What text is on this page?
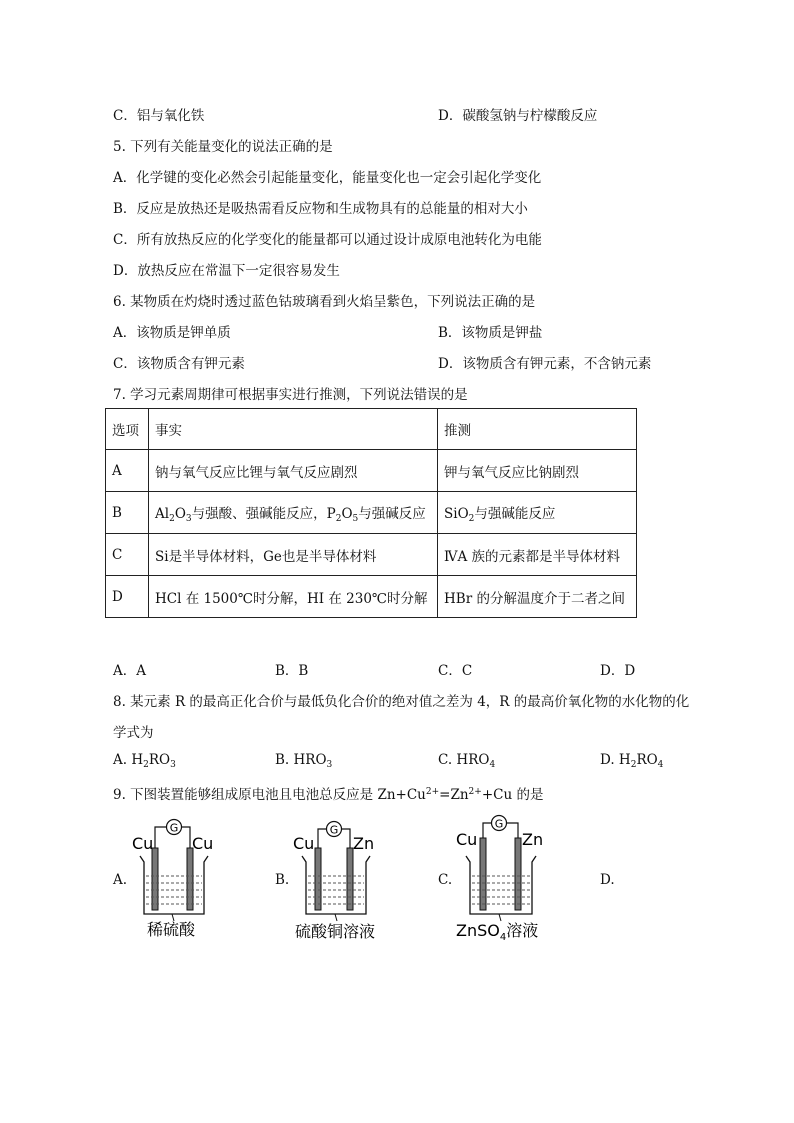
C．铝与氧化铁	D．碳酸氢钠与柠檬酸反应
5. 下列有关能量变化的说法正确的是
A．化学键的变化必然会引起能量变化，能量变化也一定会引起化学变化
B．反应是放热还是吸热需看反应物和生成物具有的总能量的相对大小
C．所有放热反应的化学变化的能量都可以通过设计成原电池转化为电能
D．放热反应在常温下一定很容易发生
6. 某物质在灼烧时透过蓝色钴玻璃看到火焰呈紫色，下列说法正确的是
A．该物质是钾单质	B．该物质是钾盐
C．该物质含有钾元素	D．该物质含有钾元素，不含钠元素
7. 学习元素周期律可根据事实进行推测，下列说法错误的是
选项	事实	推测
A	钠与氧气反应比锂与氧气反应剧烈	钾与氧气反应比钠剧烈
B	$Al_2O_3$与强酸、强碱能反应，$P_2O_5$与强碱反应	SiO$_2$与强碱能反应
C	Si是半导体材料，Ge也是半导体材料	ⅣA 族的元素都是半导体材料
D	HCl 在 1500℃时分解，HI 在 230℃时分解	HBr 的分解温度介于二者之间
A．A	B．B	C．C	D．D
8. 某元素 R 的最高正化合价与最低负化合价的绝对值之差为 4，R 的最高价氧化物的水化物的化
学式为
A. $H_2RO_3$	B. $HRO_3$	C. $HRO_4$	D. $H_2RO_4$
9. 下图装置能够组成原电池且电池总反应是 $Zn+Cu^{2+}=Zn^{2+}+Cu$ 的是
A.	B.	C.	D.
G
Cu Cu
稀硫酸
G
Cu Zn
硫酸铜溶液
G
Cu	Zn
ZnSO$_4$溶液
